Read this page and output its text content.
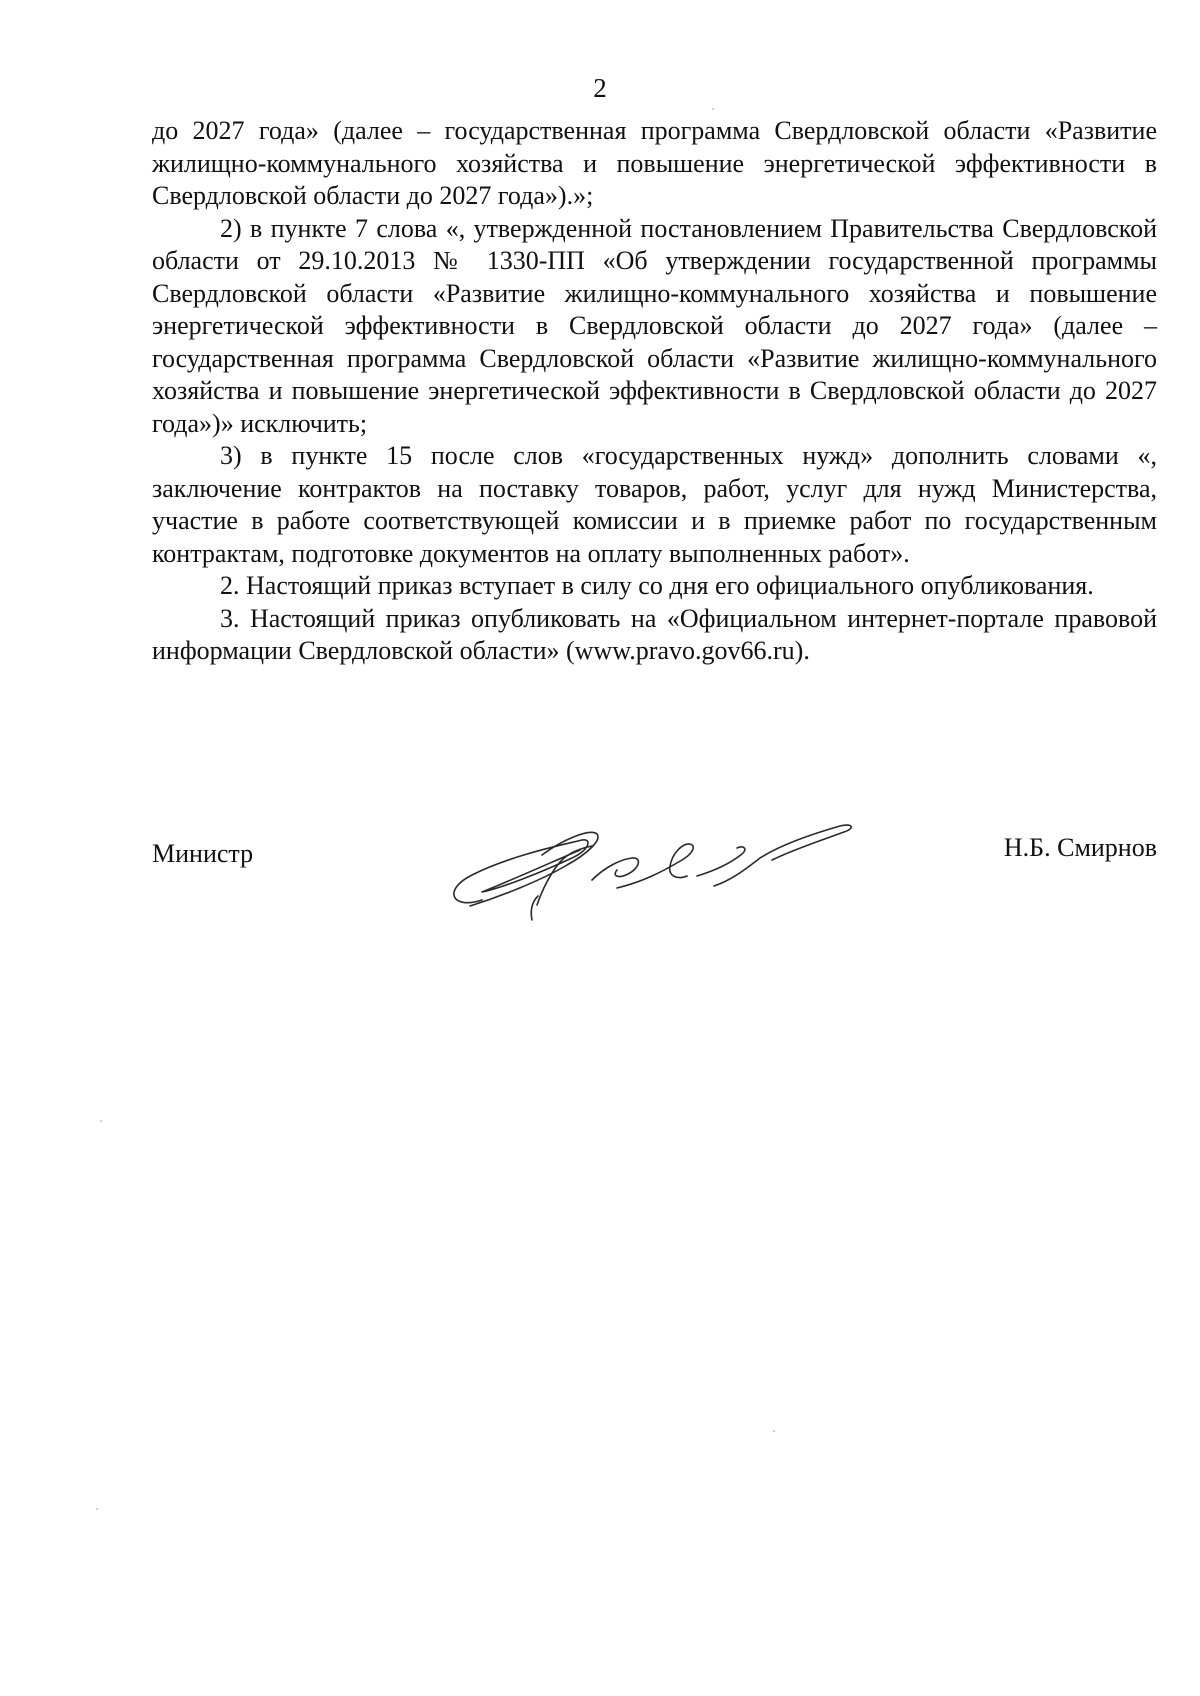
2

до 2027 года» (далее – государственная программа Свердловской области «Развитие жилищно-коммунального хозяйства и повышение энергетической эффективности в Свердловской области до 2027 года»).»;

2) в пункте 7 слова «, утвержденной постановлением Правительства Свердловской области от 29.10.2013 № 1330-ПП «Об утверждении государственной программы Свердловской области «Развитие жилищно-коммунального хозяйства и повышение энергетической эффективности в Свердловской области до 2027 года» (далее – государственная программа Свердловской области «Развитие жилищно-коммунального хозяйства и повышение энергетической эффективности в Свердловской области до 2027 года»)» исключить;

3) в пункте 15 после слов «государственных нужд» дополнить словами «, заключение контрактов на поставку товаров, работ, услуг для нужд Министерства, участие в работе соответствующей комиссии и в приемке работ по государственным контрактам, подготовке документов на оплату выполненных работ».

2. Настоящий приказ вступает в силу со дня его официального опубликования.

3. Настоящий приказ опубликовать на «Официальном интернет-портале правовой информации Свердловской области» (www.pravo.gov66.ru).

Министр	Н.Б. Смирнов
